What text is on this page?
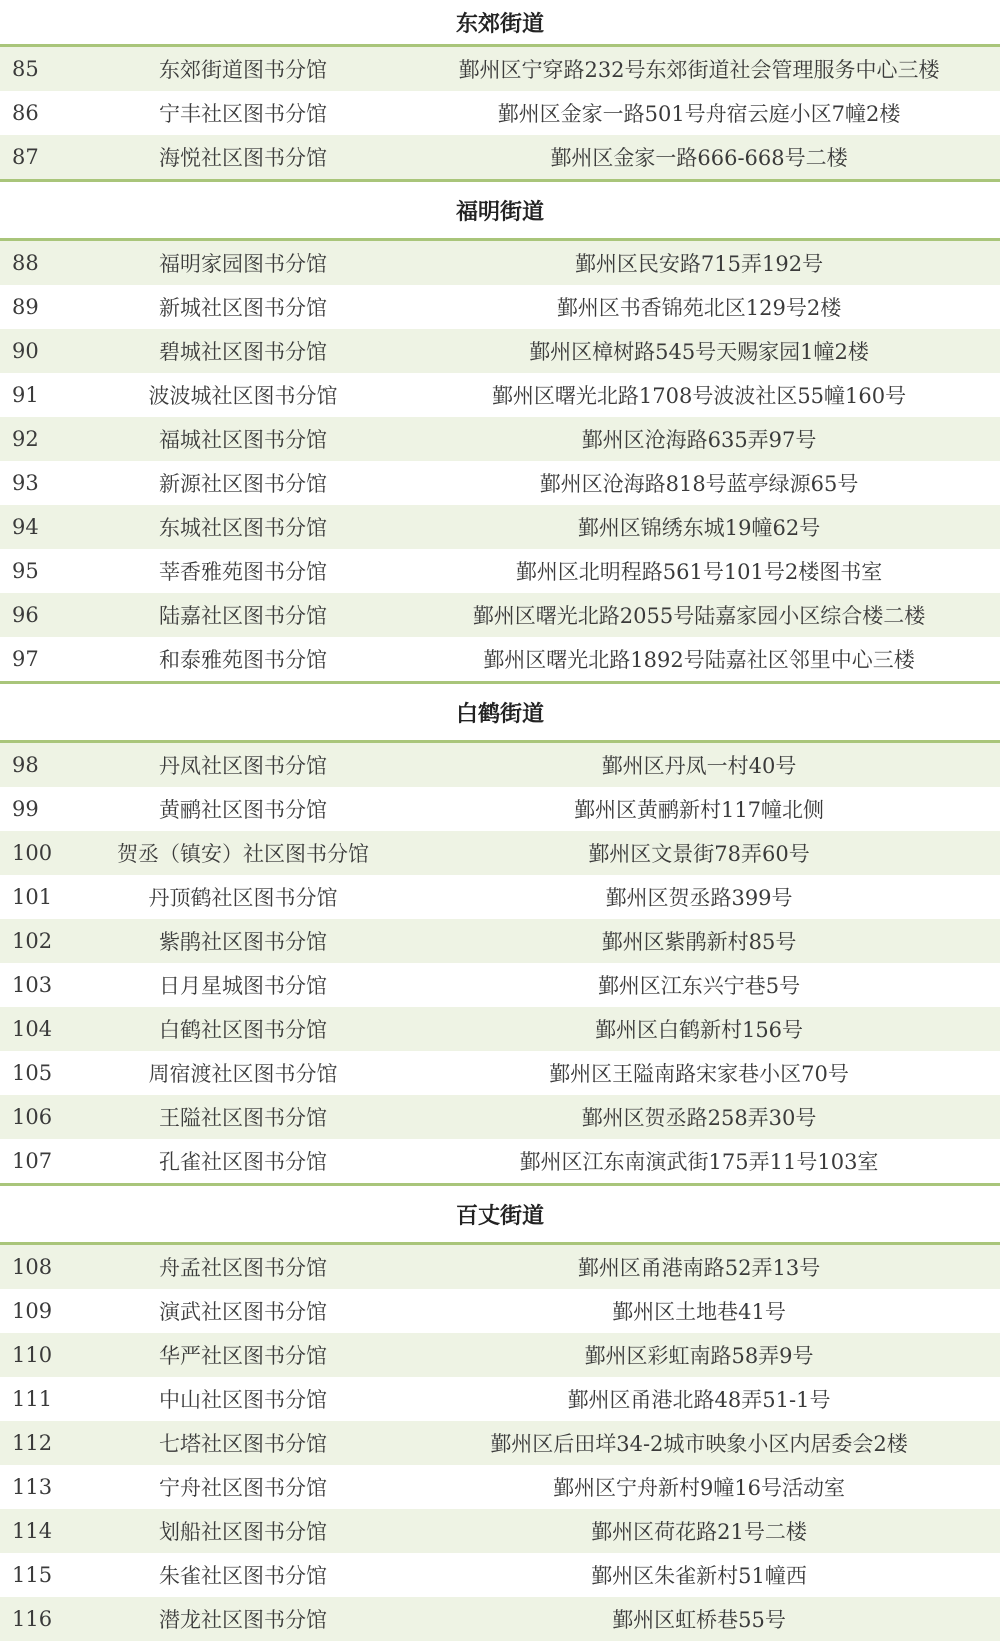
东郊街道
85	东郊街道图书分馆	鄞州区宁穿路232号东郊街道社会管理服务中心三楼
86	宁丰社区图书分馆	鄞州区金家一路501号舟宿云庭小区7幢2楼
87	海悦社区图书分馆	鄞州区金家一路666-668号二楼
福明街道
88	福明家园图书分馆	鄞州区民安路715弄192号
89	新城社区图书分馆	鄞州区书香锦苑北区129号2楼
90	碧城社区图书分馆	鄞州区樟树路545号天赐家园1幢2楼
91	波波城社区图书分馆	鄞州区曙光北路1708号波波社区55幢160号
92	福城社区图书分馆	鄞州区沧海路635弄97号
93	新源社区图书分馆	鄞州区沧海路818号蓝亭绿源65号
94	东城社区图书分馆	鄞州区锦绣东城19幢62号
95	莘香雅苑图书分馆	鄞州区北明程路561号101号2楼图书室
96	陆嘉社区图书分馆	鄞州区曙光北路2055号陆嘉家园小区综合楼二楼
97	和泰雅苑图书分馆	鄞州区曙光北路1892号陆嘉社区邻里中心三楼
白鹤街道
98	丹凤社区图书分馆	鄞州区丹凤一村40号
99	黄鹂社区图书分馆	鄞州区黄鹂新村117幢北侧
100	贺丞（镇安）社区图书分馆	鄞州区文景街78弄60号
101	丹顶鹤社区图书分馆	鄞州区贺丞路399号
102	紫鹃社区图书分馆	鄞州区紫鹃新村85号
103	日月星城图书分馆	鄞州区江东兴宁巷5号
104	白鹤社区图书分馆	鄞州区白鹤新村156号
105	周宿渡社区图书分馆	鄞州区王隘南路宋家巷小区70号
106	王隘社区图书分馆	鄞州区贺丞路258弄30号
107	孔雀社区图书分馆	鄞州区江东南演武街175弄11号103室
百丈街道
108	舟孟社区图书分馆	鄞州区甬港南路52弄13号
109	演武社区图书分馆	鄞州区土地巷41号
110	华严社区图书分馆	鄞州区彩虹南路58弄9号
111	中山社区图书分馆	鄞州区甬港北路48弄51-1号
112	七塔社区图书分馆	鄞州区后田垟34-2城市映象小区内居委会2楼
113	宁舟社区图书分馆	鄞州区宁舟新村9幢16号活动室
114	划船社区图书分馆	鄞州区荷花路21号二楼
115	朱雀社区图书分馆	鄞州区朱雀新村51幢西
116	潜龙社区图书分馆	鄞州区虹桥巷55号
